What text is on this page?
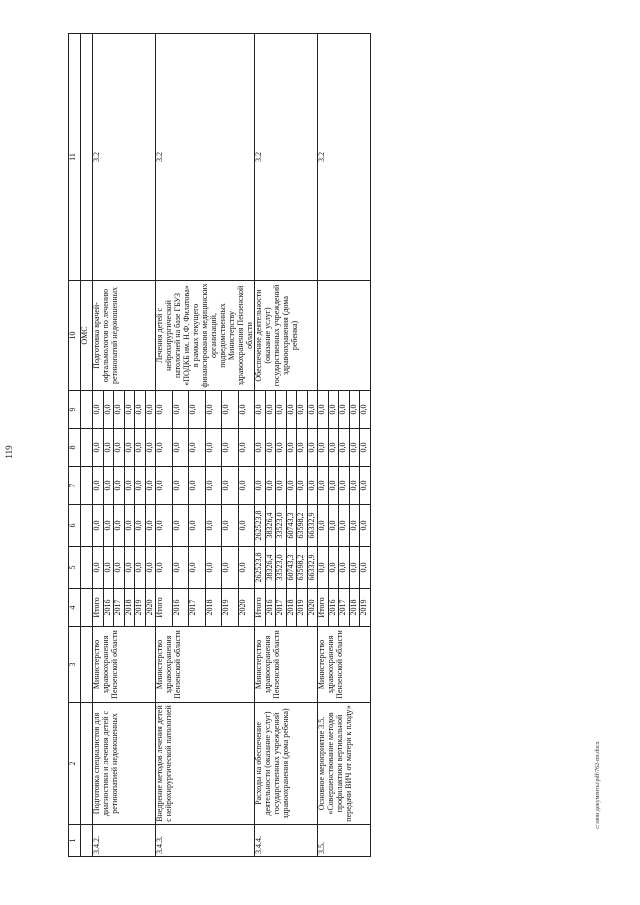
119
c:\мои документы\pdf\762-пп.docx
1	2	3	4	5	6	7	8	9	10	11
									ОМС	
3.4.2.	Подготовка специалистов для диагностики и лечения детей с ретинопатией недоношенных	Министерство здравоохранения Пензенской области	Итого	0,0	0,0	0,0	0,0	0,0	Подготовка врачей-офтальмологов по лечению ретинопатий недоношенных	3.2
			2016	0,0	0,0	0,0	0,0	0,0		
			2017	0,0	0,0	0,0	0,0	0,0		
			2018	0,0	0,0	0,0	0,0	0,0		
			2019	0,0	0,0	0,0	0,0	0,0		
			2020	0,0	0,0	0,0	0,0	0,0		
3.4.3.	Внедрение методов лечения детей с нейрохирургической патологией	Министерство здравоохранения Пензенской области	Итого	0,0	0,0	0,0	0,0	0,0	Лечения детей с нейрохирургической патологией на базе ГБУЗ «ПОДКБ им. Н.Ф. Филатова» в рамках текущего финансирования медицинских организаций, подведомственных Министерству здравоохранения Пензенской области	3.2
			2016	0,0	0,0	0,0	0,0	0,0		
			2017	0,0	0,0	0,0	0,0	0,0		
			2018	0,0	0,0	0,0	0,0	0,0		
			2019	0,0	0,0	0,0	0,0	0,0		
			2020	0,0	0,0	0,0	0,0	0,0		
3.4.4.	Расходы на обеспечение деятельности (оказание услуг) государственных учреждений здравоохранения (дома ребенка)	Министерство здравоохранения Пензенской области	Итого	262523,8	262523,8	0,0	0,0	0,0	Обеспечение деятельности (оказание услуг) государственных учреждений здравоохранения (дома ребенка)	3.2
			2016	38326,4	38326,4	0,0	0,0	0,0		
			2017	33523,0	33523,0	0,0	0,0	0,0		
			2018	60743,3	60743,3	0,0	0,0	0,0		
			2019	63598,2	63598,2	0,0	0,0	0,0		
			2020	66332,9	66332,9	0,0	0,0	0,0		
3.5.	Основное мероприятие 3.5. «Совершенствование методов профилактики вертикальной передачи ВИЧ от матери к плоду»	Министерство здравоохранения Пензенской области	Итого	0,0	0,0	0,0	0,0	0,0		3.2
			2016	0,0	0,0	0,0	0,0	0,0		
			2017	0,0	0,0	0,0	0,0	0,0		
			2018	0,0	0,0	0,0	0,0	0,0		
			2019	0,0	0,0	0,0	0,0	0,0		
